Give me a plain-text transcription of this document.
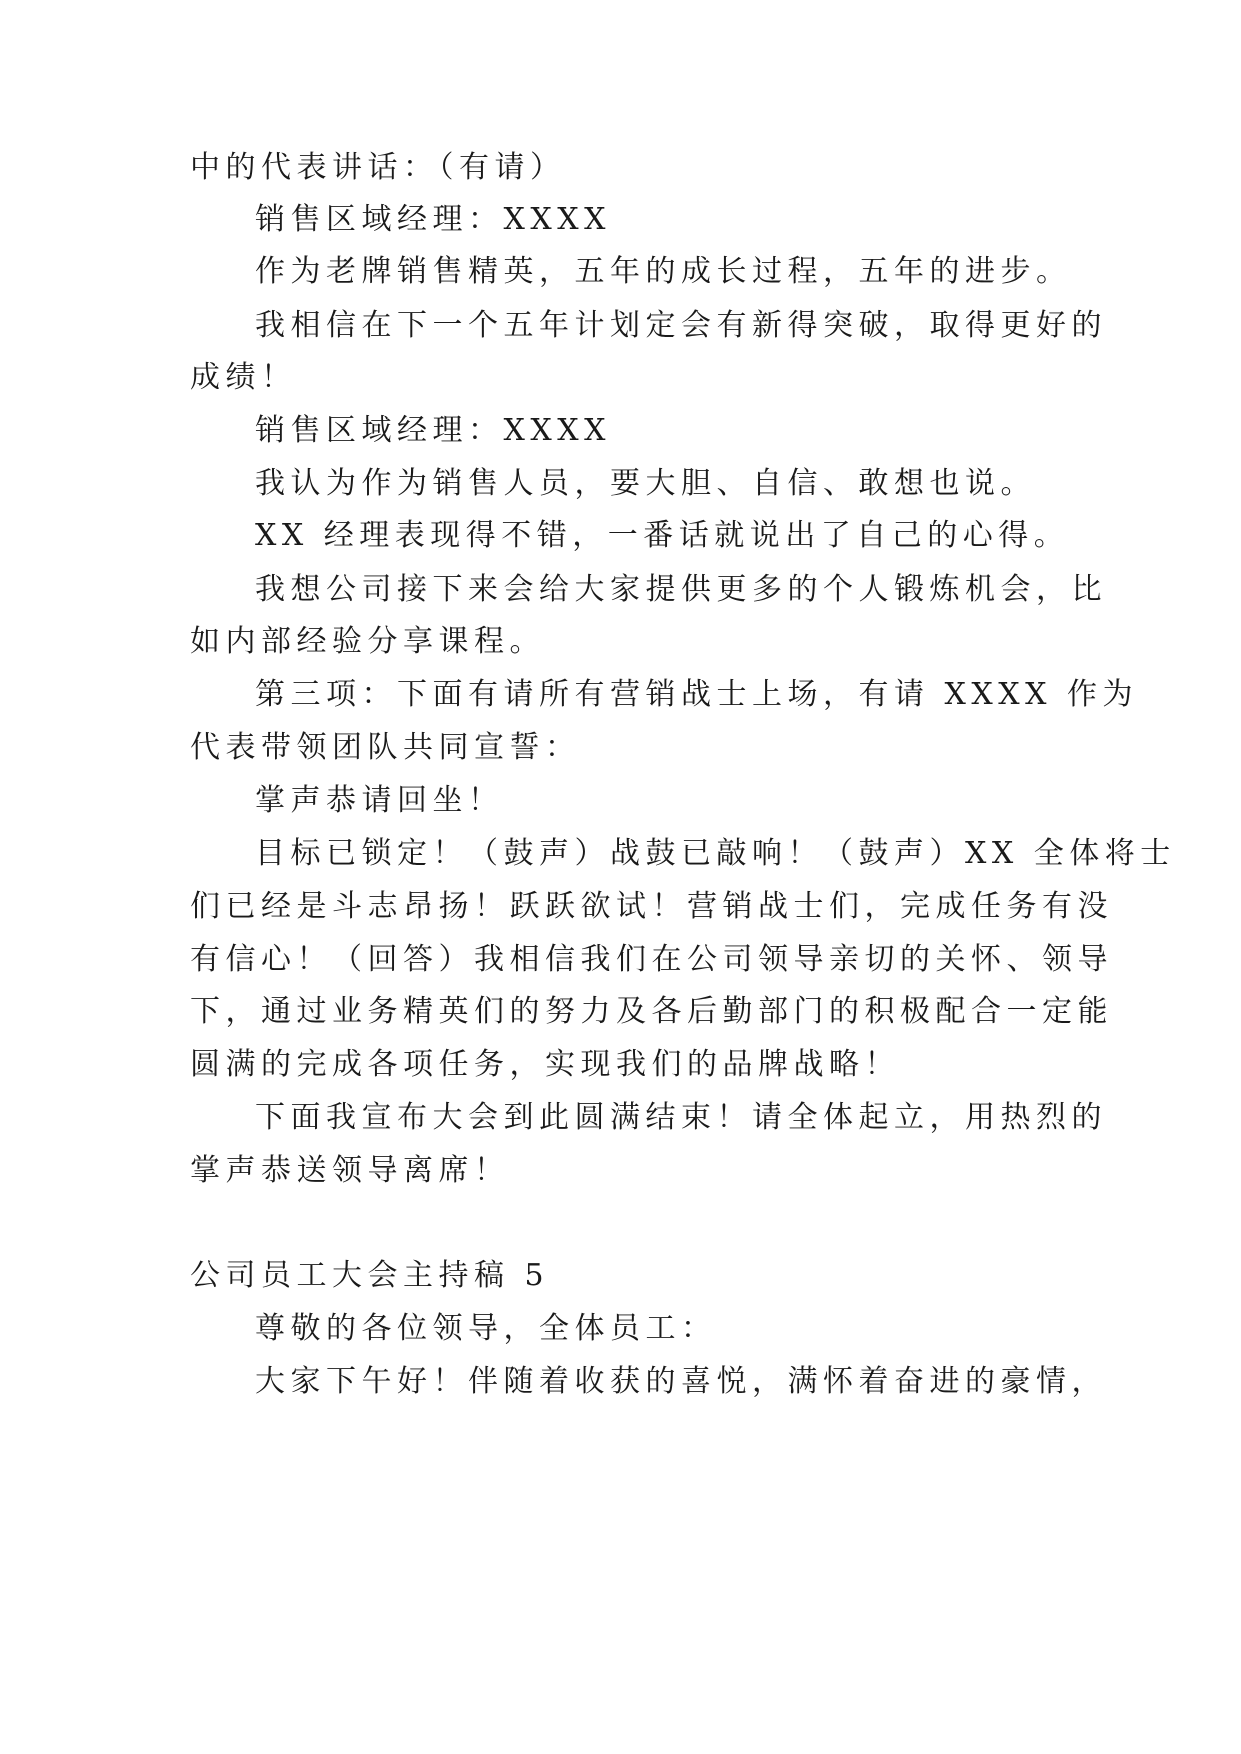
中的代表讲话：（有请）
销售区域经理：XXXX
作为老牌销售精英，五年的成长过程，五年的进步。
我相信在下一个五年计划定会有新得突破，取得更好的
成绩！
销售区域经理：XXXX
我认为作为销售人员，要大胆、自信、敢想也说。
XX 经理表现得不错，一番话就说出了自己的心得。
我想公司接下来会给大家提供更多的个人锻炼机会，比
如内部经验分享课程。
第三项：下面有请所有营销战士上场，有请 XXXX 作为
代表带领团队共同宣誓：
掌声恭请回坐！
目标已锁定！（鼓声）战鼓已敲响！（鼓声）XX 全体将士
们已经是斗志昂扬！跃跃欲试！营销战士们，完成任务有没
有信心！（回答）我相信我们在公司领导亲切的关怀、领导
下，通过业务精英们的努力及各后勤部门的积极配合一定能
圆满的完成各项任务，实现我们的品牌战略！
下面我宣布大会到此圆满结束！请全体起立，用热烈的
掌声恭送领导离席！
公司员工大会主持稿 5
尊敬的各位领导，全体员工：
大家下午好！伴随着收获的喜悦，满怀着奋进的豪情，
